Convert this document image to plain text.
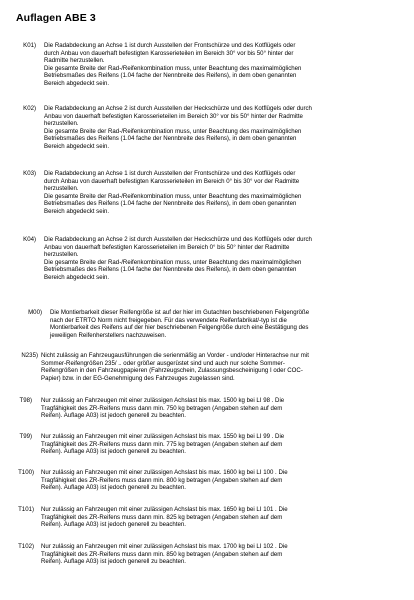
Auflagen ABE 3
K01) Die Radabdeckung an Achse 1 ist durch Ausstellen der Frontschürze und des Kotflügels oder
durch Anbau von dauerhaft befestigten Karosserieteilen im Bereich 30° vor bis 50° hinter der
Radmitte herzustellen.
Die gesamte Breite der Rad-/Reifenkombination muss, unter Beachtung des maximalmöglichen
Betriebsmaßes des Reifens (1.04 fache der Nennbreite des Reifens), in dem oben genannten
Bereich abgedeckt sein.
K02) Die Radabdeckung an Achse 2 ist durch Ausstellen der Heckschürze und des Kotflügels oder durch
Anbau von dauerhaft befestigten Karosserieteilen im Bereich 30° vor bis 50° hinter der Radmitte
herzustellen.
Die gesamte Breite der Rad-/Reifenkombination muss, unter Beachtung des maximalmöglichen
Betriebsmaßes des Reifens (1.04 fache der Nennbreite des Reifens), in dem oben genannten
Bereich abgedeckt sein.
K03) Die Radabdeckung an Achse 1 ist durch Ausstellen der Frontschürze und des Kotflügels oder
durch Anbau von dauerhaft befestigten Karosserieteilen im Bereich 0° bis 30° vor der Radmitte
herzustellen.
Die gesamte Breite der Rad-/Reifenkombination muss, unter Beachtung des maximalmöglichen
Betriebsmaßes des Reifens (1.04 fache der Nennbreite des Reifens), in dem oben genannten
Bereich abgedeckt sein.
K04) Die Radabdeckung an Achse 2 ist durch Ausstellen der Heckschürze und des Kotflügels oder durch
Anbau von dauerhaft befestigten Karosserieteilen im Bereich 0° bis 50° hinter der Radmitte
herzustellen.
Die gesamte Breite der Rad-/Reifenkombination muss, unter Beachtung des maximalmöglichen
Betriebsmaßes des Reifens (1.04 fache der Nennbreite des Reifens), in dem oben genannten
Bereich abgedeckt sein.
M00) Die Montierbarkeit dieser Reifengröße ist auf der hier im Gutachten beschriebenen Felgengröße
nach der ETRTO Norm nicht freigegeben. Für das verwendete Reifenfabrikat/-typ ist die
Montierbarkeit des Reifens auf der hier beschriebenen Felgengröße durch eine Bestätigung des
jeweiligen Reifenherstellers nachzuweisen.
N235) Nicht zulässig an Fahrzeugausführungen die serienmäßig an Vorder - und/oder Hinterachse nur mit
Sommer-Reifengrößen 235/ .. oder größer ausgerüstet sind und auch nur solche Sommer-
Reifengrößen in den Fahrzeugpapieren (Fahrzeugschein, Zulassungsbescheinigung I oder COC-
Papier) bzw. in der EG-Genehmigung des Fahrzeuges zugelassen sind.
T98) Nur zulässig an Fahrzeugen mit einer zulässigen Achslast bis max. 1500 kg bei LI 98 . Die
Tragfähigkeit des ZR-Reifens muss dann min. 750 kg betragen (Angaben stehen auf dem
Reifen). Auflage A03) ist jedoch generell zu beachten.
T99) Nur zulässig an Fahrzeugen mit einer zulässigen Achslast bis max. 1550 kg bei LI 99 . Die
Tragfähigkeit des ZR-Reifens muss dann min. 775 kg betragen (Angaben stehen auf dem
Reifen). Auflage A03) ist jedoch generell zu beachten.
T100) Nur zulässig an Fahrzeugen mit einer zulässigen Achslast bis max. 1600 kg bei LI 100 . Die
Tragfähigkeit des ZR-Reifens muss dann min. 800 kg betragen (Angaben stehen auf dem
Reifen). Auflage A03) ist jedoch generell zu beachten.
T101) Nur zulässig an Fahrzeugen mit einer zulässigen Achslast bis max. 1650 kg bei LI 101 . Die
Tragfähigkeit des ZR-Reifens muss dann min. 825 kg betragen (Angaben stehen auf dem
Reifen). Auflage A03) ist jedoch generell zu beachten.
T102) Nur zulässig an Fahrzeugen mit einer zulässigen Achslast bis max. 1700 kg bei LI 102 . Die
Tragfähigkeit des ZR-Reifens muss dann min. 850 kg betragen (Angaben stehen auf dem
Reifen). Auflage A03) ist jedoch generell zu beachten.
